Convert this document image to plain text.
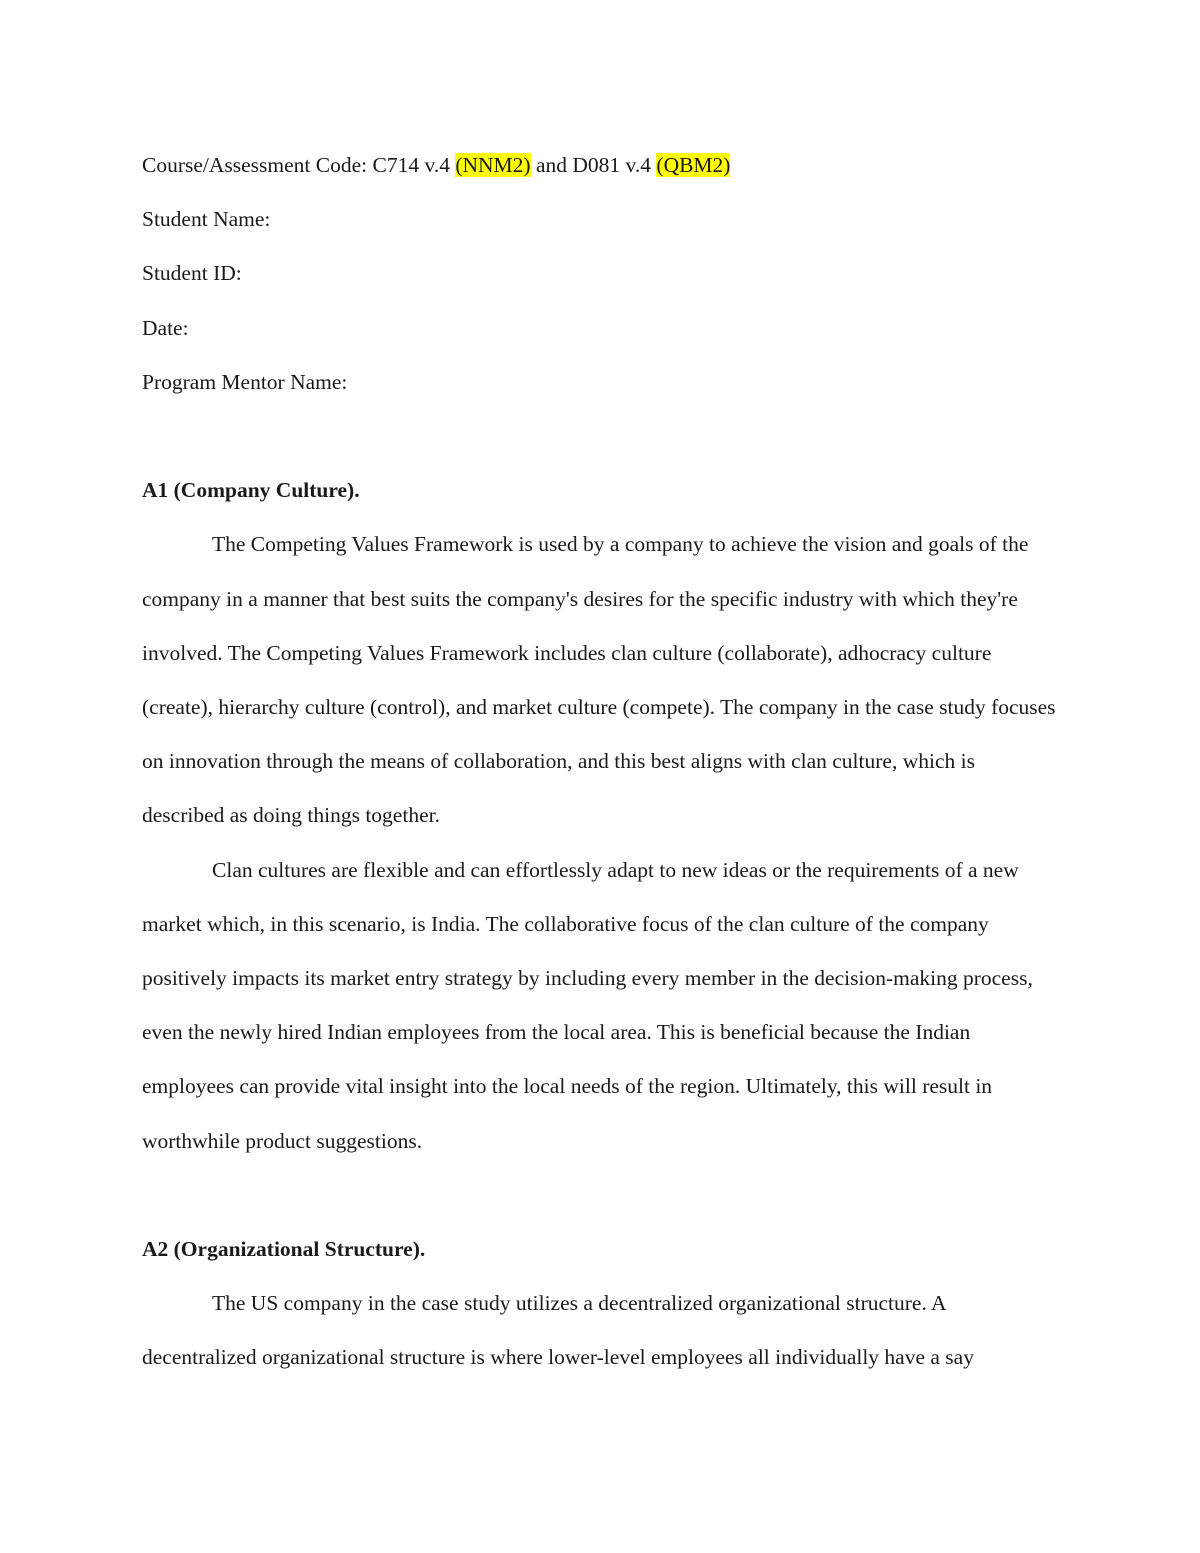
Course/Assessment Code: C714 v.4 (NNM2) and D081 v.4 (QBM2)

Student Name:

Student ID:

Date:

Program Mentor Name:

A1 (Company Culture).

The Competing Values Framework is used by a company to achieve the vision and goals of the company in a manner that best suits the company's desires for the specific industry with which they're involved. The Competing Values Framework includes clan culture (collaborate), adhocracy culture (create), hierarchy culture (control), and market culture (compete). The company in the case study focuses on innovation through the means of collaboration, and this best aligns with clan culture, which is described as doing things together.

Clan cultures are flexible and can effortlessly adapt to new ideas or the requirements of a new market which, in this scenario, is India. The collaborative focus of the clan culture of the company positively impacts its market entry strategy by including every member in the decision-making process, even the newly hired Indian employees from the local area. This is beneficial because the Indian employees can provide vital insight into the local needs of the region. Ultimately, this will result in worthwhile product suggestions.

A2 (Organizational Structure).

The US company in the case study utilizes a decentralized organizational structure. A decentralized organizational structure is where lower-level employees all individually have a say
